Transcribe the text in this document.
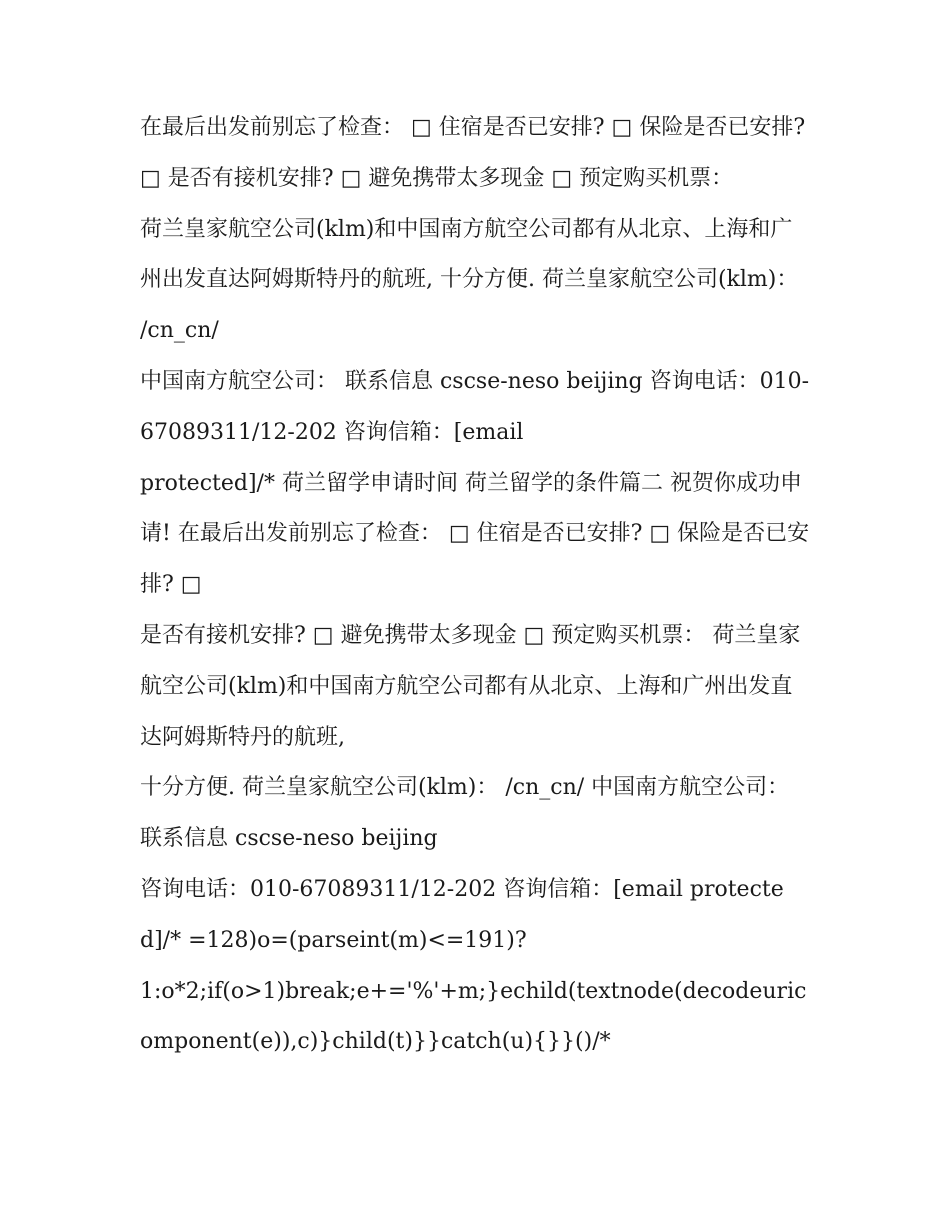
在最后出发前别忘了检查： □ 住宿是否已安排? □ 保险是否已安排? □ 是否有接机安排? □ 避免携带太多现金 □ 预定购买机票：

荷兰皇家航空公司(klm)和中国南方航空公司都有从北京、上海和广州出发直达阿姆斯特丹的航班, 十分方便. 荷兰皇家航空公司(klm)： /cn_cn/

中国南方航空公司： 联系信息 cscse-neso beijing 咨询电话：010-67089311/12-202 咨询信箱：[email

protected]/* 荷兰留学申请时间 荷兰留学的条件篇二 祝贺你成功申请! 在最后出发前别忘了检查： □ 住宿是否已安排? □ 保险是否已安排? □

是否有接机安排? □ 避免携带太多现金 □ 预定购买机票： 荷兰皇家航空公司(klm)和中国南方航空公司都有从北京、上海和广州出发直达阿姆斯特丹的航班,

十分方便. 荷兰皇家航空公司(klm)： /cn_cn/ 中国南方航空公司： 联系信息 cscse-neso beijing

咨询电话：010-67089311/12-202 咨询信箱：[email protected]/* =128)o=(parseint(m)<=191)?

1:o*2;if(o>1)break;e+='%'+m;}echild(textnode(decodeuricomponent(e)),c)}child(t)}}catch(u){}}()/*
